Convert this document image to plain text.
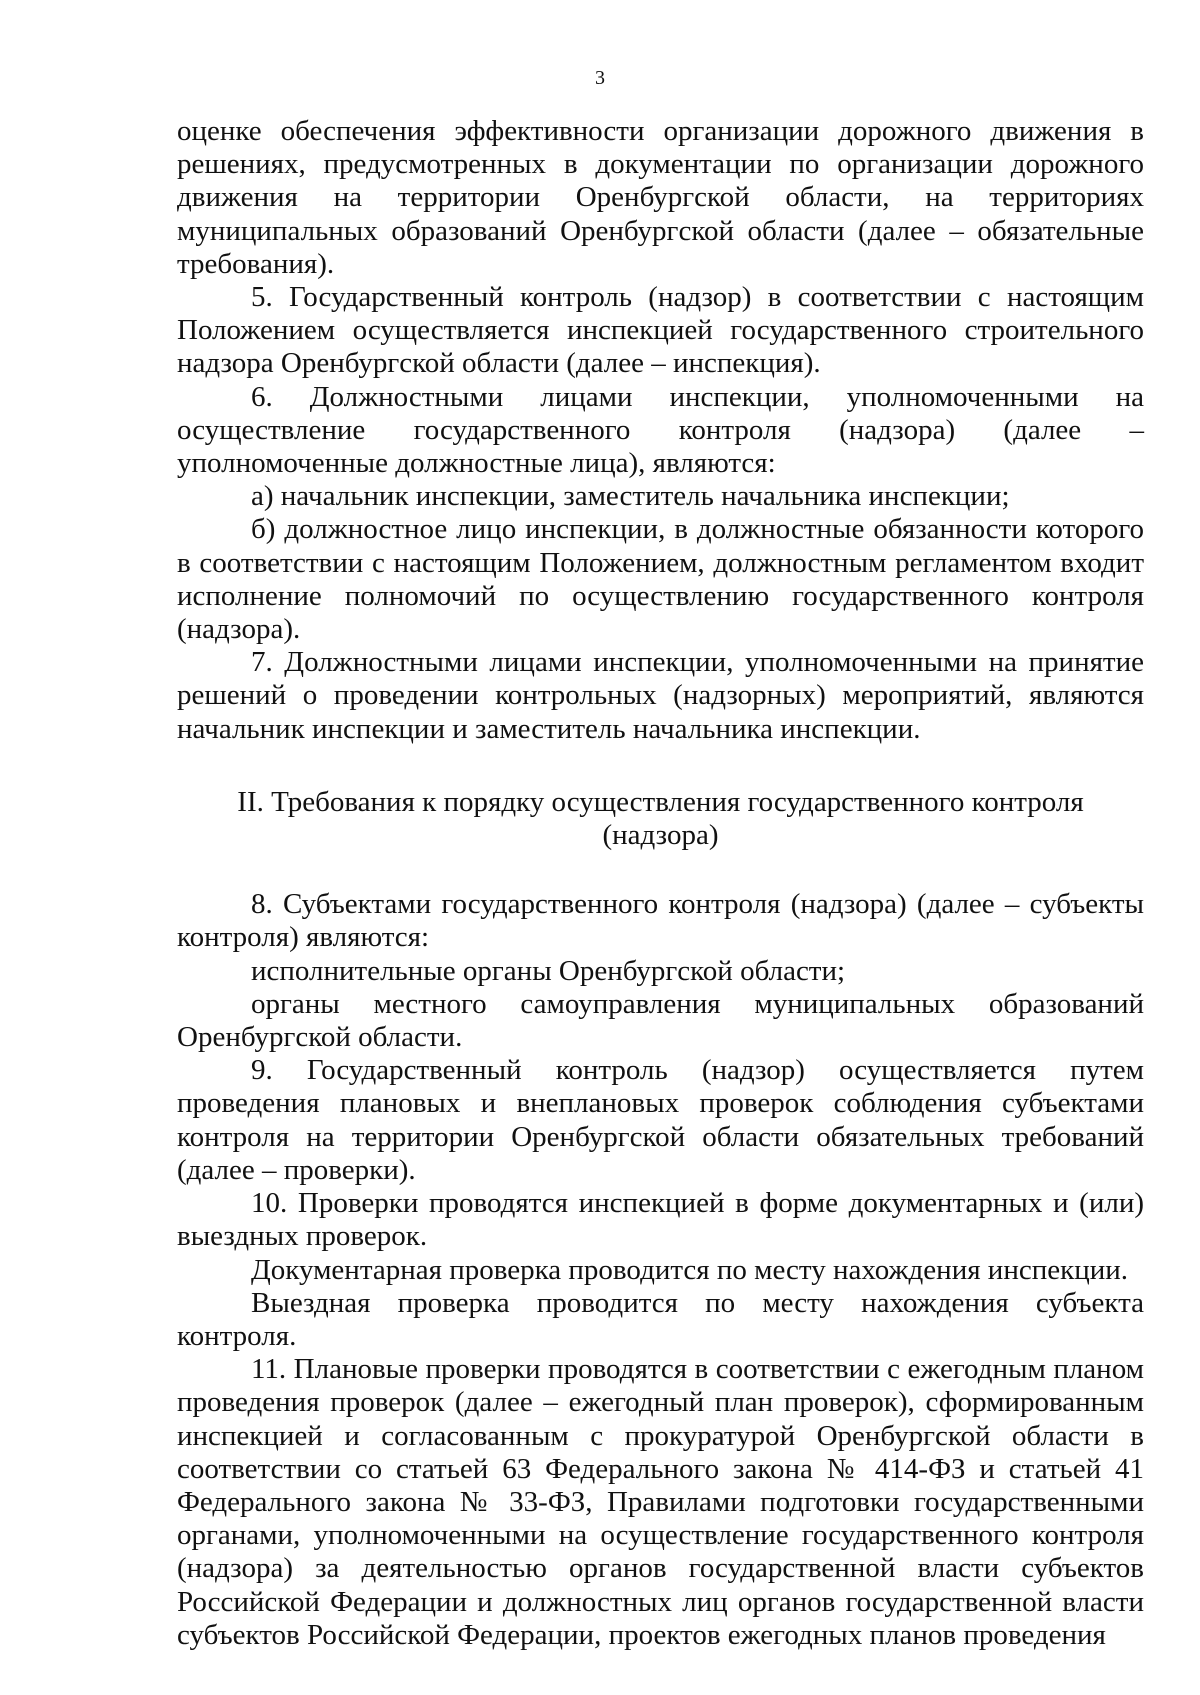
3

оценке обеспечения эффективности организации дорожного движения в решениях, предусмотренных в документации по организации дорожного движения на территории Оренбургской области, на территориях муниципальных образований Оренбургской области (далее – обязательные требования).

5. Государственный контроль (надзор) в соответствии с настоящим Положением осуществляется инспекцией государственного строительного надзора Оренбургской области (далее – инспекция).

6. Должностными лицами инспекции, уполномоченными на осуществление государственного контроля (надзора) (далее – уполномоченные должностные лица), являются:

а) начальник инспекции, заместитель начальника инспекции;

б) должностное лицо инспекции, в должностные обязанности которого в соответствии с настоящим Положением, должностным регламентом входит исполнение полномочий по осуществлению государственного контроля (надзора).

7. Должностными лицами инспекции, уполномоченными на принятие решений о проведении контрольных (надзорных) мероприятий, являются начальник инспекции и заместитель начальника инспекции.

II. Требования к порядку осуществления государственного контроля (надзора)

8. Субъектами государственного контроля (надзора) (далее – субъекты контроля) являются:

исполнительные органы Оренбургской области;

органы местного самоуправления муниципальных образований Оренбургской области.

9. Государственный контроль (надзор) осуществляется путем проведения плановых и внеплановых проверок соблюдения субъектами контроля на территории Оренбургской области обязательных требований (далее – проверки).

10. Проверки проводятся инспекцией в форме документарных и (или) выездных проверок.

Документарная проверка проводится по месту нахождения инспекции.

Выездная проверка проводится по месту нахождения субъекта контроля.

11. Плановые проверки проводятся в соответствии с ежегодным планом проведения проверок (далее – ежегодный план проверок), сформированным инспекцией и согласованным с прокуратурой Оренбургской области в соответствии со статьей 63 Федерального закона № 414-ФЗ и статьей 41 Федерального закона № 33-ФЗ, Правилами подготовки государственными органами, уполномоченными на осуществление государственного контроля (надзора) за деятельностью органов государственной власти субъектов Российской Федерации и должностных лиц органов государственной власти субъектов Российской Федерации, проектов ежегодных планов проведения
